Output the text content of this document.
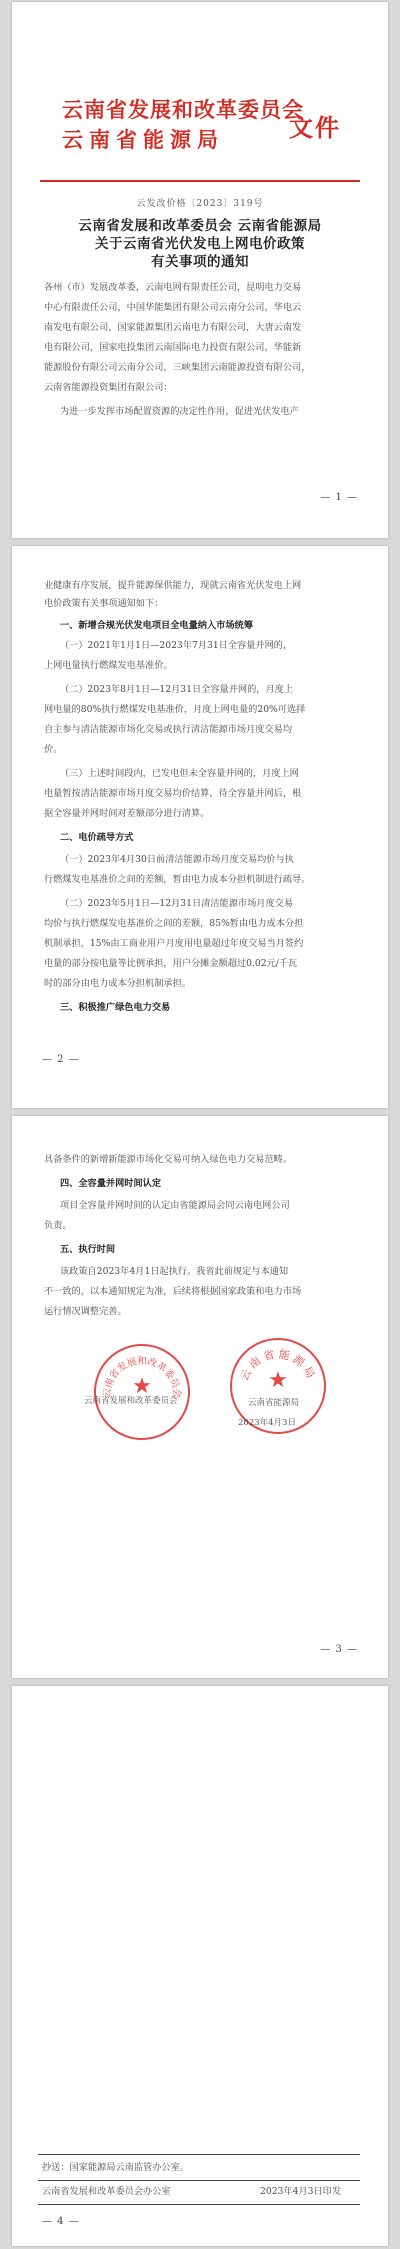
云南省发展和改革委员会
云南省能源局	文件
云发改价格〔2023〕319号
云南省发展和改革委员会 云南省能源局
关于云南省光伏发电上网电价政策
有关事项的通知
各州（市）发展改革委，云南电网有限责任公司，昆明电力交易
中心有限责任公司，中国华能集团有限公司云南分公司，华电云
南发电有限公司，国家能源集团云南电力有限公司，大唐云南发
电有限公司，国家电投集团云南国际电力投资有限公司，华能新
能源股份有限公司云南分公司，三峡集团云南能源投资有限公司，
云南省能源投资集团有限公司：
为进一步发挥市场配置资源的决定性作用，促进光伏发电产
— 1 —
业健康有序发展，提升能源保供能力，现就云南省光伏发电上网
电价政策有关事项通知如下：
一、新增合规光伏发电项目全电量纳入市场统筹
（一）2021年1月1日—2023年7月31日全容量并网的，
上网电量执行燃煤发电基准价。
（二）2023年8月1日—12月31日全容量并网的，月度上
网电量的80%执行燃煤发电基准价，月度上网电量的20%可选择
自主参与清洁能源市场化交易或执行清洁能源市场月度交易均
价。
（三）上述时间段内，已发电但未全容量并网的，月度上网
电量暂按清洁能源市场月度交易均价结算，待全容量并网后，根
据全容量并网时间对差额部分进行清算。
二、电价疏导方式
（一）2023年4月30日前清洁能源市场月度交易均价与执
行燃煤发电基准价之间的差额，暂由电力成本分担机制进行疏导。
（二）2023年5月1日—12月31日清洁能源市场月度交易
均价与执行燃煤发电基准价之间的差额，85%暂由电力成本分担
机制承担，15%由工商业用户月度用电量超过年度交易当月签约
电量的部分按电量等比例承担，用户分摊金额超过0.02元/千瓦
时的部分由电力成本分担机制承担。
三、积极推广绿色电力交易
— 2 —
具备条件的新增新能源市场化交易可纳入绿色电力交易范畴。
四、全容量并网时间认定
项目全容量并网时间的认定由省能源局会同云南电网公司
负责。
五、执行时间
该政策自2023年4月1日起执行。我省此前规定与本通知
不一致的，以本通知规定为准，后续将根据国家政策和电力市场
运行情况调整完善。
云南省发展和改革委员会
★
云南省能源局
★
云南省发展和改革委员会	云南省能源局
2023年4月3日
— 3 —
抄送：国家能源局云南监管办公室。
云南省发展和改革委员会办公室	2023年4月3日印发
— 4 —
